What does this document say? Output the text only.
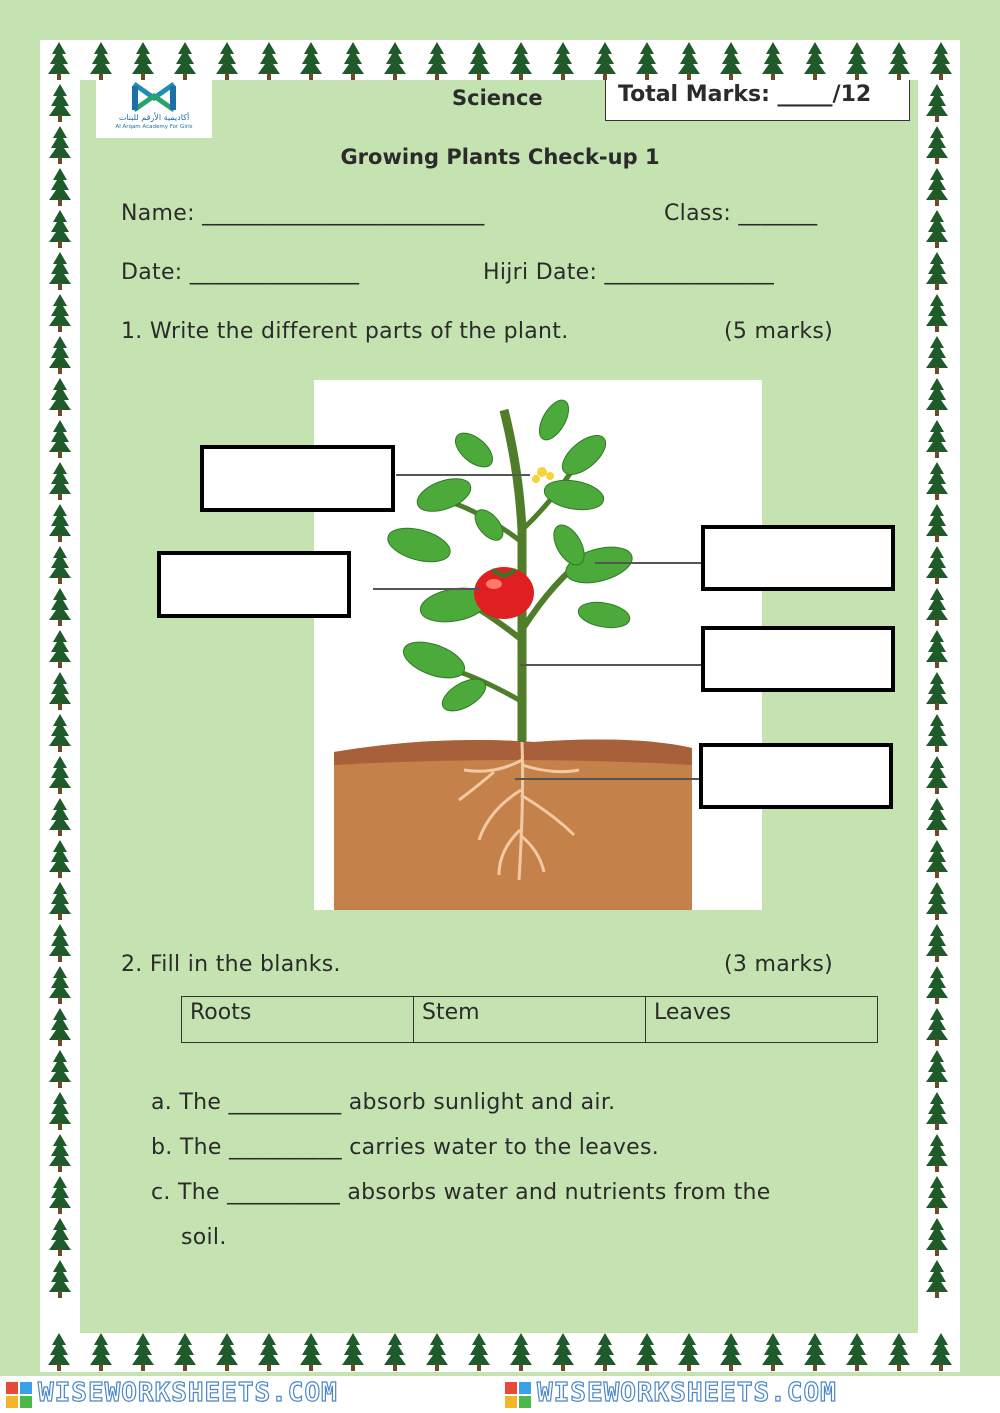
أكاديمية الأرقم للبنات
Al Arqam Academy For Girls
Science	Total Marks: _____/12
Growing Plants Check-up 1
Name: _________________________	Class: _______
Date: _______________	Hijri Date: _______________
1. Write the different parts of the plant.	(5 marks)
2. Fill in the blanks.	(3 marks)
Roots	Stem	Leaves
a. The __________ absorb sunlight and air.
b. The __________ carries water to the leaves.
c. The __________ absorbs water and nutrients from the
soil.
WISEWORKSHEETS.COM	WISEWORKSHEETS.COM
